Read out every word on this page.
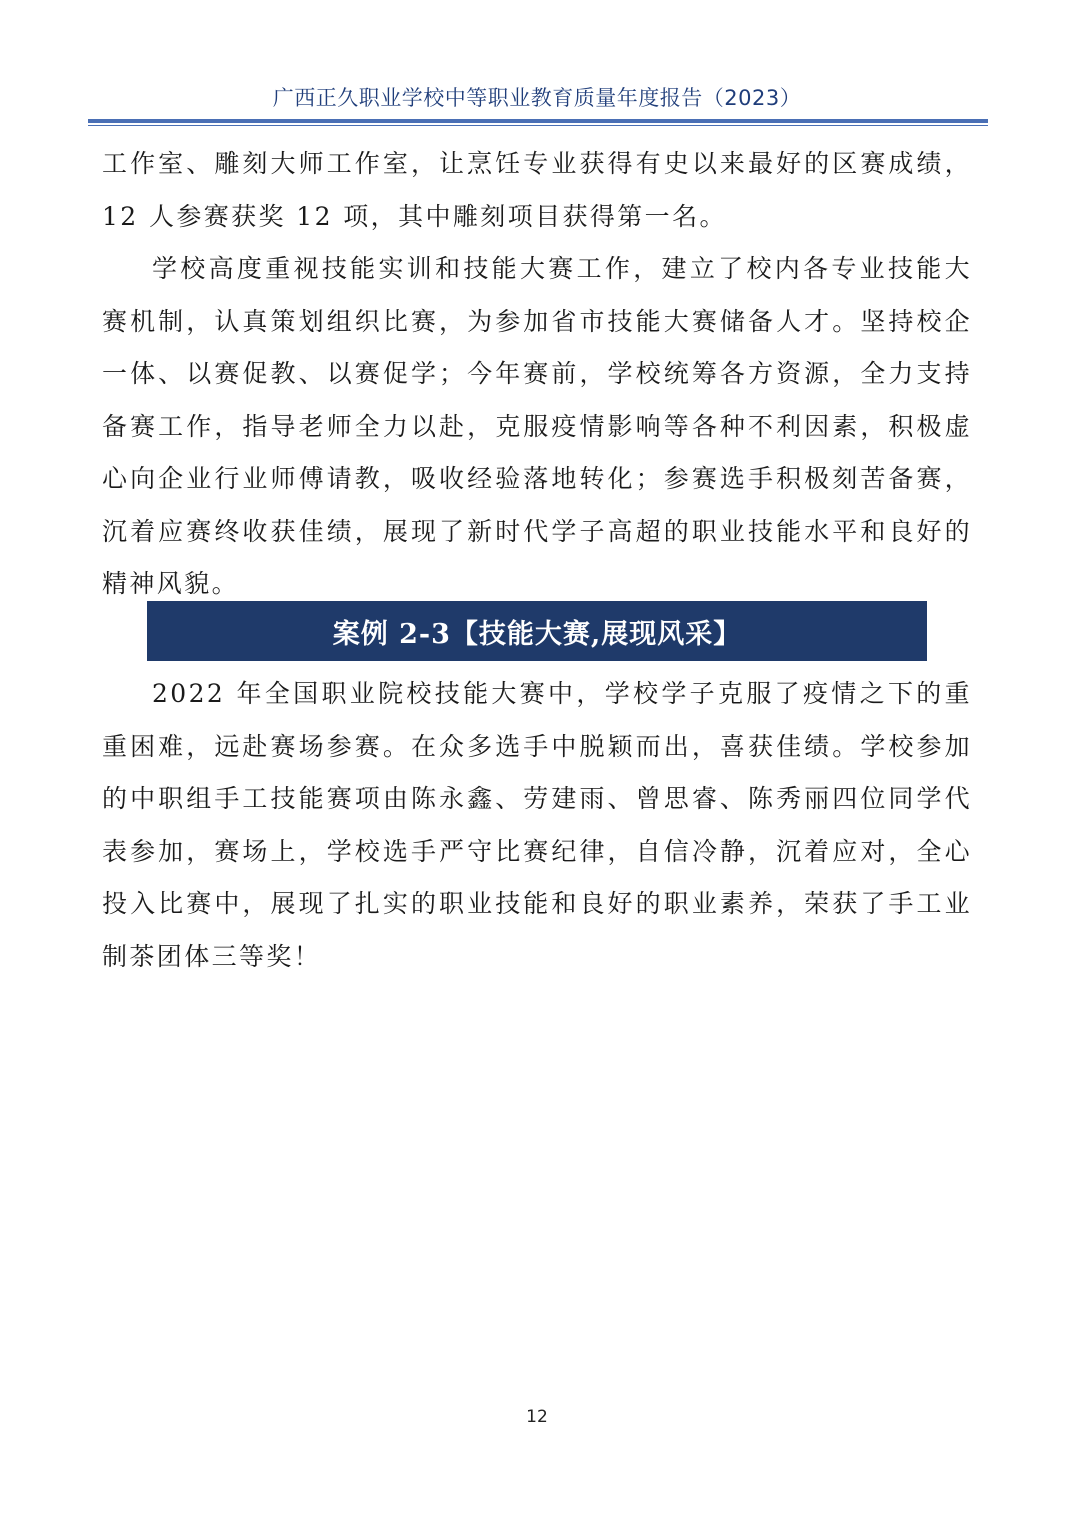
广西正久职业学校中等职业教育质量年度报告（2023）

工作室、雕刻大师工作室，让烹饪专业获得有史以来最好的区赛成绩，12 人参赛获奖 12 项，其中雕刻项目获得第一名。

学校高度重视技能实训和技能大赛工作，建立了校内各专业技能大赛机制，认真策划组织比赛，为参加省市技能大赛储备人才。坚持校企一体、以赛促教、以赛促学；今年赛前，学校统筹各方资源，全力支持备赛工作，指导老师全力以赴，克服疫情影响等各种不利因素，积极虚心向企业行业师傅请教，吸收经验落地转化；参赛选手积极刻苦备赛，沉着应赛终收获佳绩，展现了新时代学子高超的职业技能水平和良好的精神风貌。

案例 2-3【技能大赛,展现风采】

2022 年全国职业院校技能大赛中，学校学子克服了疫情之下的重重困难，远赴赛场参赛。在众多选手中脱颖而出，喜获佳绩。学校参加的中职组手工技能赛项由陈永鑫、劳建雨、曾思睿、陈秀丽四位同学代表参加，赛场上，学校选手严守比赛纪律，自信冷静，沉着应对，全心投入比赛中，展现了扎实的职业技能和良好的职业素养，荣获了手工业制茶团体三等奖！

12
